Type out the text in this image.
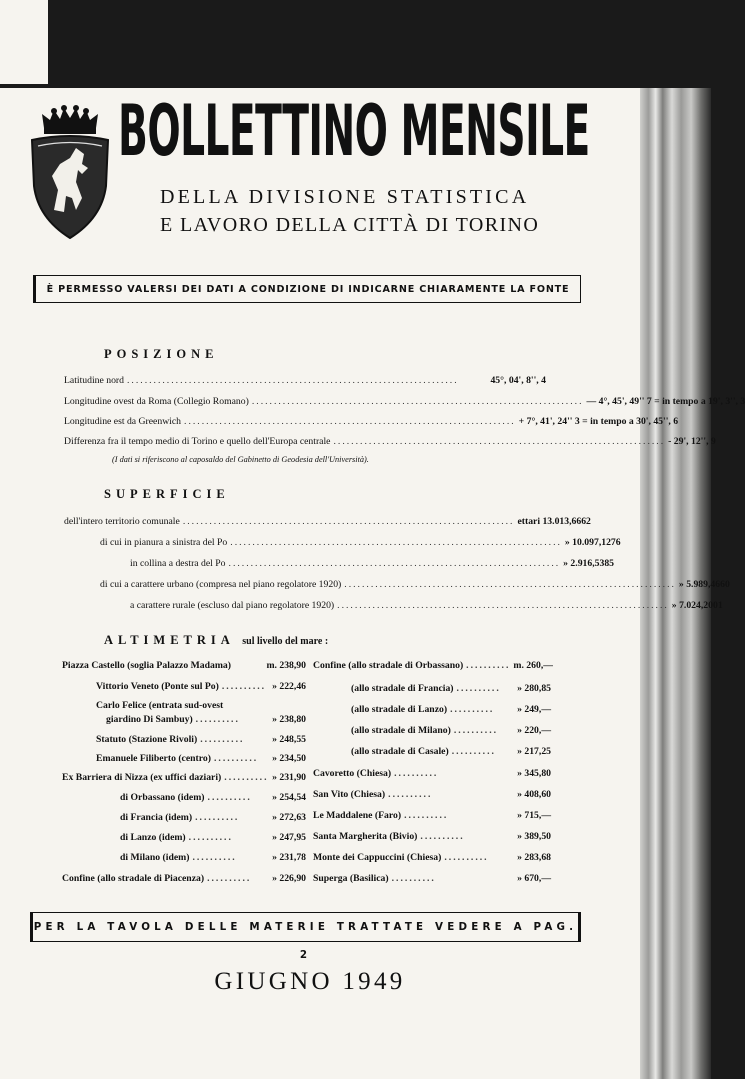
BOLLETTINO MENSILE
DELLA DIVISIONE STATISTICA
E LAVORO DELLA CITTÀ DI TORINO
È PERMESSO VALERSI DEI DATI A CONDIZIONE DI INDICARNE CHIARAMENTE LA FONTE
POSIZIONE
Latitudine nord ...........................................................................	45°, 04', 8'', 4
Longitudine ovest da Roma (Collegio Romano) ........................................................................... — 4°, 45', 49'' 7 = in tempo a 19', 3'', 3
Longitudine est da Greenwich ........................................................................... + 7°, 41', 24'' 3 = in tempo a 30', 45'', 6
Differenza fra il tempo medio di Torino e quello dell'Europa centrale ........................................................................... - 29', 12'', 9
(I dati si riferiscono al caposaldo del Gabinetto di Geodesia dell'Università).
SUPERFICIE
dell'intero territorio comunale ........................................................................... ettari 13.013,6662
di cui in pianura a sinistra del Po ........................................................................... » 10.097,1276
in collina a destra del Po ........................................................................... » 2.916,5385
di cui a carattere urbano (compresa nel piano regolatore 1920) ........................................................................... » 5.989,4660
a carattere rurale (escluso dal piano regolatore 1920) ........................................................................... » 7.024,2001
ALTIMETRIA sul livello del mare :
Piazza Castello (soglia Palazzo Madama)	m. 238,90
Vittorio Veneto (Ponte sul Po) .......... » 222,46
Carlo Felice (entrata sud-ovest
giardino Di Sambuy) ..........	» 238,80
Statuto (Stazione Rivoli) ..........	» 248,55
Emanuele Filiberto (centro) ..........	» 234,50
Ex Barriera di Nizza (ex uffici daziari) .......... » 231,90
di Orbassano (idem) ..........	» 254,54
di Francia (idem) ..........	» 272,63
di Lanzo (idem) ..........	» 247,95
di Milano (idem) ..........	» 231,78
Confine (allo stradale di Piacenza) ..........	» 226,90
Confine (allo stradale di Orbassano) .......... m. 260,—
(allo stradale di Francia) ..........	» 280,85
(allo stradale di Lanzo) ..........	» 249,—
(allo stradale di Milano) ..........	» 220,—
(allo stradale di Casale) ..........	» 217,25
Cavoretto (Chiesa) ..........	» 345,80
San Vito (Chiesa) ..........	» 408,60
Le Maddalene (Faro) ..........	» 715,—
Santa Margherita (Bivio) ..........	» 389,50
Monte dei Cappuccini (Chiesa) ..........	» 283,68
Superga (Basilica) ..........	» 670,—
PER LA TAVOLA DELLE MATERIE TRATTATE VEDERE A PAG. 2
GIUGNO 1949
